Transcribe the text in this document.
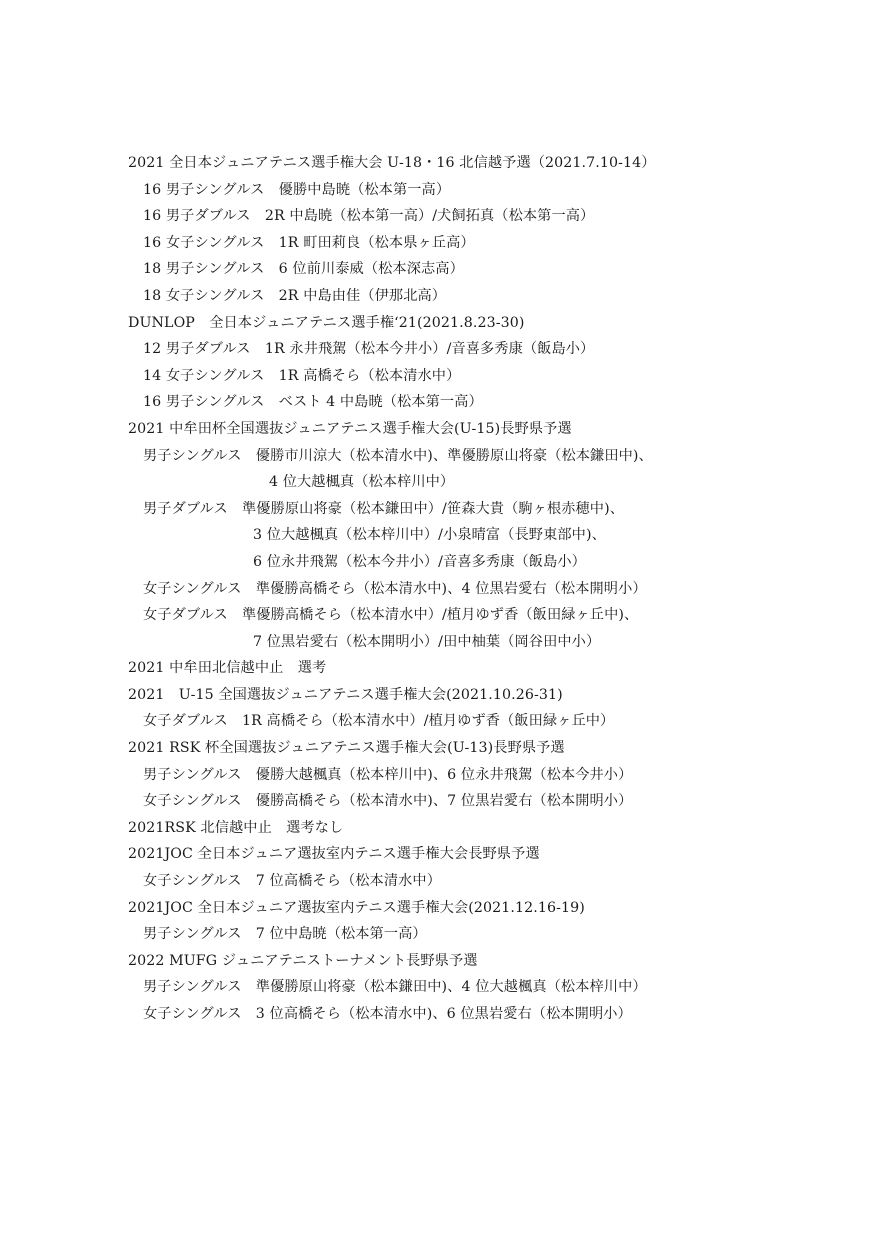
2021 全日本ジュニアテニス選手権大会 U-18・16 北信越予選（2021.7.10-14）
16 男子シングルス　優勝中島暁（松本第一高）
16 男子ダブルス　2R 中島暁（松本第一高）/犬飼拓真（松本第一高）
16 女子シングルス　1R 町田莉良（松本県ヶ丘高）
18 男子シングルス　6 位前川泰威（松本深志高）
18 女子シングルス　2R 中島由佳（伊那北高）
DUNLOP　全日本ジュニアテニス選手権‘21(2021.8.23-30)
12 男子ダブルス　1R 永井飛駕（松本今井小）/音喜多秀康（飯島小）
14 女子シングルス　1R 高橋そら（松本清水中）
16 男子シングルス　ベスト 4 中島暁（松本第一高）
2021 中牟田杯全国選抜ジュニアテニス選手権大会(U-15)長野県予選
男子シングルス　優勝市川涼大（松本清水中)、準優勝原山将豪（松本鎌田中)、
4 位大越楓真（松本梓川中）
男子ダブルス　準優勝原山将豪（松本鎌田中）/笹森大貴（駒ヶ根赤穂中)、
3 位大越楓真（松本梓川中）/小泉晴富（長野東部中)、
6 位永井飛駕（松本今井小）/音喜多秀康（飯島小）
女子シングルス　準優勝高橋そら（松本清水中)、4 位黒岩愛右（松本開明小）
女子ダブルス　準優勝高橋そら（松本清水中）/植月ゆず香（飯田緑ヶ丘中)、
7 位黒岩愛右（松本開明小）/田中柚葉（岡谷田中小）
2021 中牟田北信越中止　選考
2021　U-15 全国選抜ジュニアテニス選手権大会(2021.10.26-31)
女子ダブルス　1R 高橋そら（松本清水中）/植月ゆず香（飯田緑ヶ丘中）
2021 RSK 杯全国選抜ジュニアテニス選手権大会(U-13)長野県予選
男子シングルス　優勝大越楓真（松本梓川中)、6 位永井飛駕（松本今井小）
女子シングルス　優勝高橋そら（松本清水中)、7 位黒岩愛右（松本開明小）
2021RSK 北信越中止　選考なし
2021JOC 全日本ジュニア選抜室内テニス選手権大会長野県予選
女子シングルス　7 位高橋そら（松本清水中）
2021JOC 全日本ジュニア選抜室内テニス選手権大会(2021.12.16-19)
男子シングルス　7 位中島暁（松本第一高）
2022 MUFG ジュニアテニストーナメント長野県予選
男子シングルス　準優勝原山将豪（松本鎌田中)、4 位大越楓真（松本梓川中）
女子シングルス　3 位高橋そら（松本清水中)、6 位黒岩愛右（松本開明小）
